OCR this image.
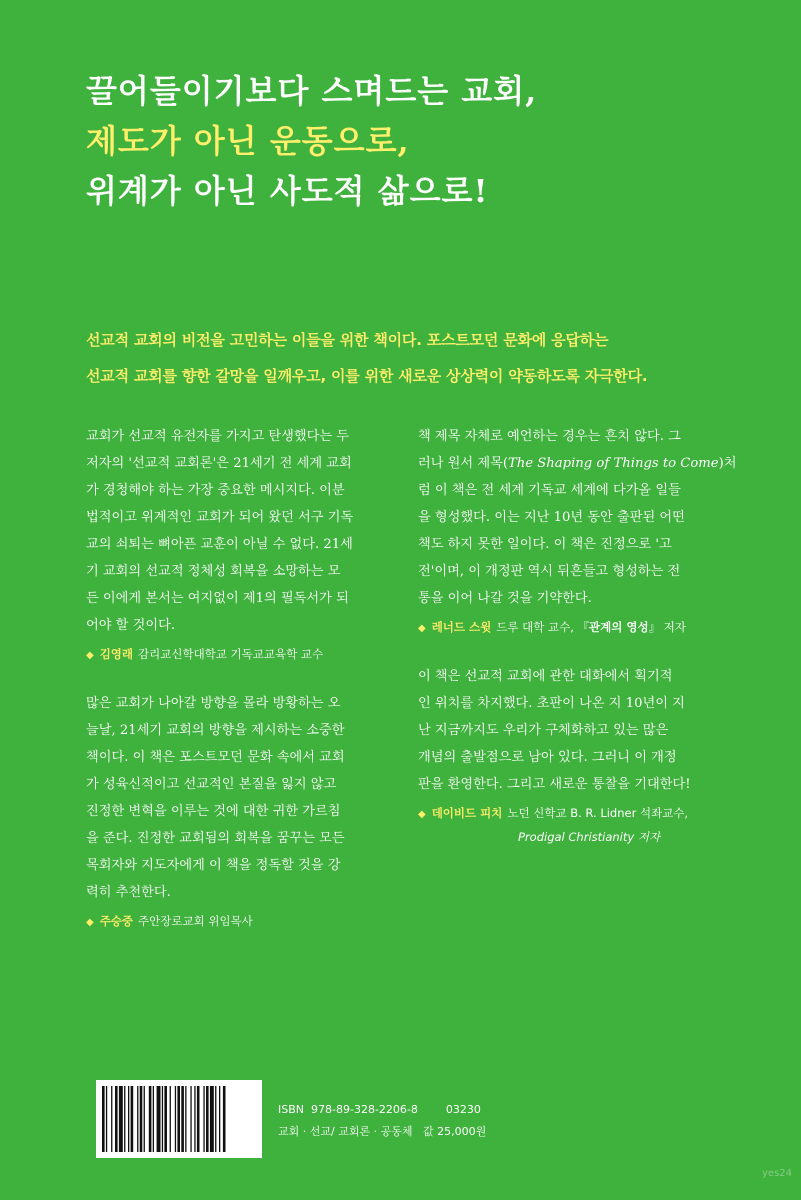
끌어들이기보다 스며드는 교회,
제도가 아닌 운동으로,
위계가 아닌 사도적 삶으로!
선교적 교회의 비전을 고민하는 이들을 위한 책이다. 포스트모던 문화에 응답하는
선교적 교회를 향한 갈망을 일깨우고, 이를 위한 새로운 상상력이 약동하도록 자극한다.
교회가 선교적 유전자를 가지고 탄생했다는 두
저자의 '선교적 교회론'은 21세기 전 세계 교회
가 경청해야 하는 가장 중요한 메시지다. 이분
법적이고 위계적인 교회가 되어 왔던 서구 기독
교의 쇠퇴는 뼈아픈 교훈이 아닐 수 없다. 21세
기 교회의 선교적 정체성 회복을 소망하는 모
든 이에게 본서는 여지없이 제1의 필독서가 되
어야 할 것이다.
◆ 김영래 감리교신학대학교 기독교교육학 교수
많은 교회가 나아갈 방향을 몰라 방황하는 오
늘날, 21세기 교회의 방향을 제시하는 소중한
책이다. 이 책은 포스트모던 문화 속에서 교회
가 성육신적이고 선교적인 본질을 잃지 않고
진정한 변혁을 이루는 것에 대한 귀한 가르침
을 준다. 진정한 교회됨의 회복을 꿈꾸는 모든
목회자와 지도자에게 이 책을 정독할 것을 강
력히 추천한다.
◆ 주승중 주안장로교회 위임목사
책 제목 자체로 예언하는 경우는 흔치 않다. 그
러나 원서 제목(The Shaping of Things to Come)처
럼 이 책은 전 세계 기독교 세계에 다가올 일들
을 형성했다. 이는 지난 10년 동안 출판된 어떤
책도 하지 못한 일이다. 이 책은 진정으로 '고
전'이며, 이 개정판 역시 뒤흔들고 형성하는 전
통을 이어 나갈 것을 기약한다.
◆ 레너드 스윗 드루 대학 교수, 『관계의 영성』 저자
이 책은 선교적 교회에 관한 대화에서 획기적
인 위치를 차지했다. 초판이 나온 지 10년이 지
난 지금까지도 우리가 구체화하고 있는 많은
개념의 출발점으로 남아 있다. 그러니 이 개정
판을 환영한다. 그리고 새로운 통찰을 기대한다!
◆ 데이비드 피치 노던 신학교 B. R. Lidner 석좌교수,
Prodigal Christianity 저자
ISBN 978-89-328-2206-8	03230
교회 · 선교/ 교회론 · 공동체 값 25,000원
yes24
